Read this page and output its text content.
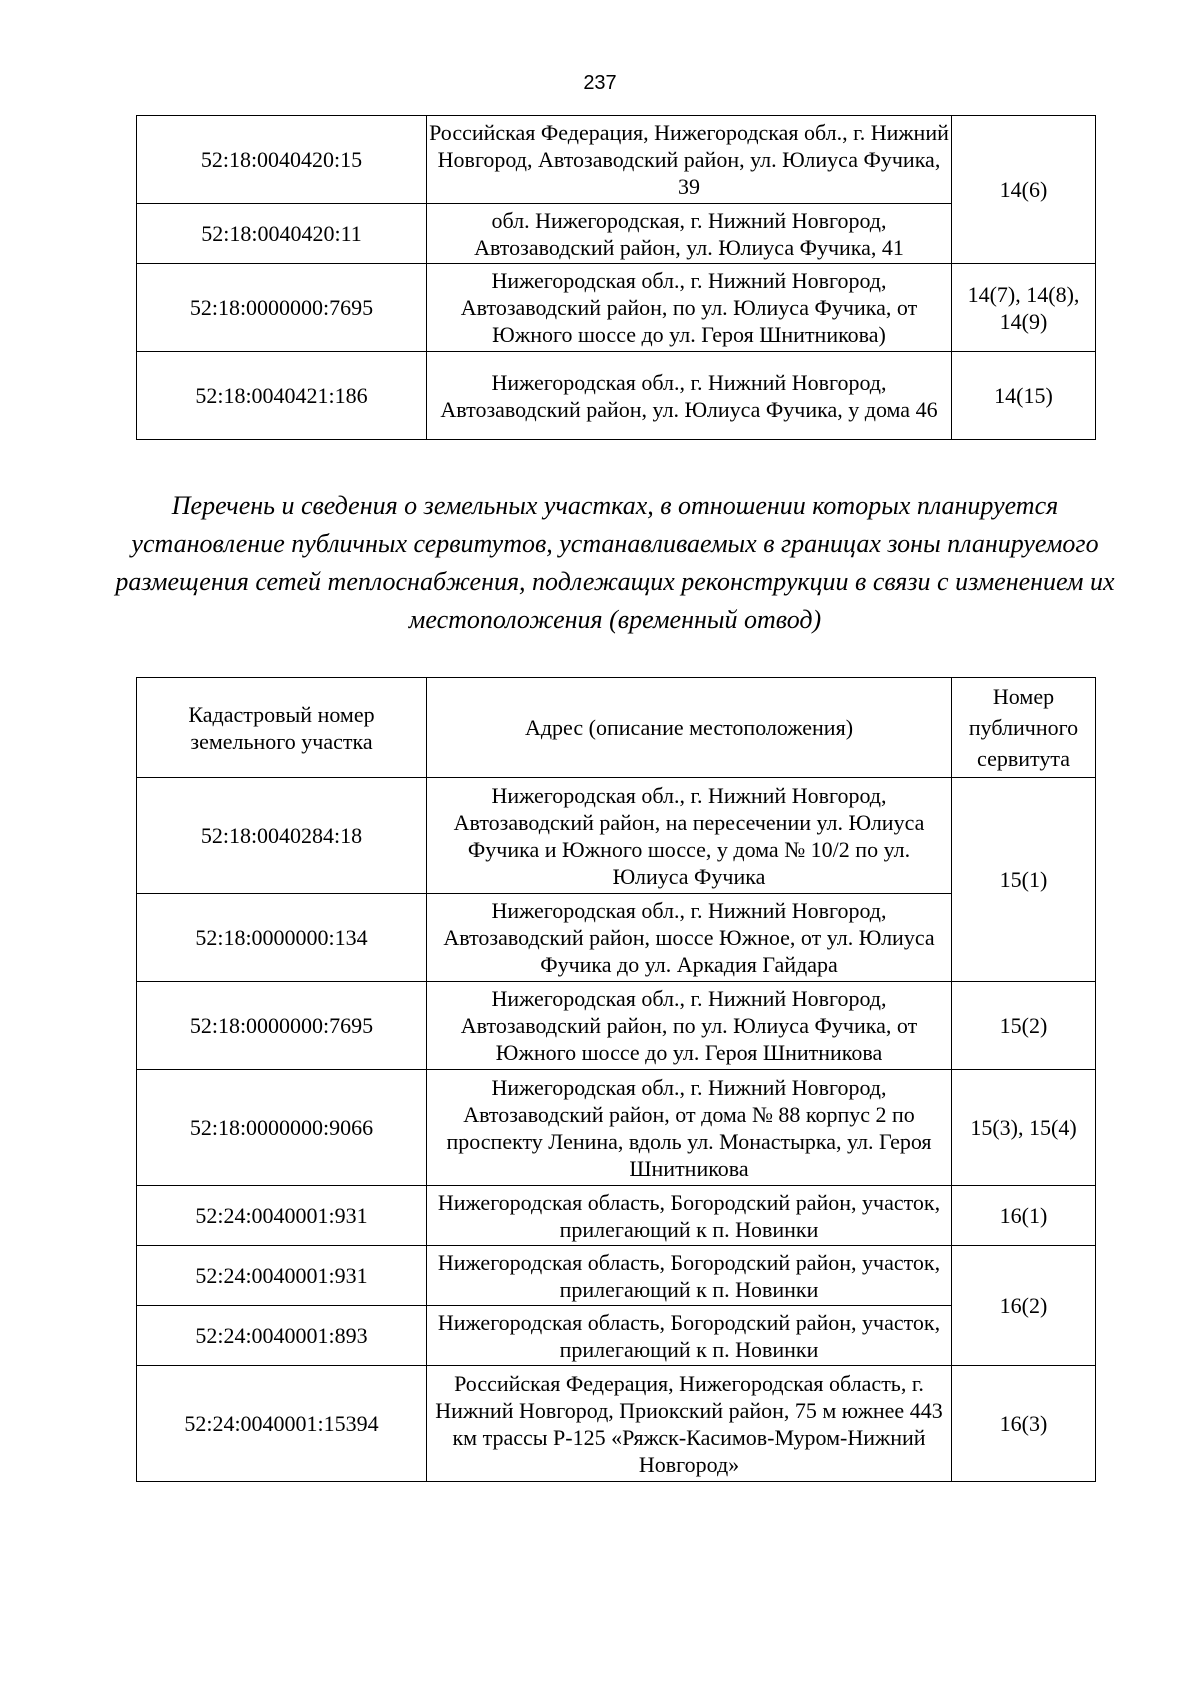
237
52:18:0040420:15	Российская Федерация, Нижегородская обл., г. Нижний Новгород, Автозаводский район, ул. Юлиуса Фучика, 39	14(6)
52:18:0040420:11	обл. Нижегородская, г. Нижний Новгород, Автозаводский район, ул. Юлиуса Фучика, 41	
52:18:0000000:7695	Нижегородская обл., г. Нижний Новгород, Автозаводский район, по ул. Юлиуса Фучика, от Южного шоссе до ул. Героя Шнитникова)	14(7), 14(8), 14(9)
52:18:0040421:186	Нижегородская обл., г. Нижний Новгород, Автозаводский район, ул. Юлиуса Фучика, у дома 46	14(15)
Перечень и сведения о земельных участках, в отношении которых планируется установление публичных сервитутов, устанавливаемых в границах зоны планируемого размещения сетей теплоснабжения, подлежащих реконструкции в связи с изменением их местоположения (временный отвод)
Кадастровый номер земельного участка	Адрес (описание местоположения)	Номер публичного сервитута
52:18:0040284:18	Нижегородская обл., г. Нижний Новгород, Автозаводский район, на пересечении ул. Юлиуса Фучика и Южного шоссе, у дома № 10/2 по ул. Юлиуса Фучика	15(1)
52:18:0000000:134	Нижегородская обл., г. Нижний Новгород, Автозаводский район, шоссе Южное, от ул. Юлиуса Фучика до ул. Аркадия Гайдара	
52:18:0000000:7695	Нижегородская обл., г. Нижний Новгород, Автозаводский район, по ул. Юлиуса Фучика, от Южного шоссе до ул. Героя Шнитникова	15(2)
52:18:0000000:9066	Нижегородская обл., г. Нижний Новгород, Автозаводский район, от дома № 88 корпус 2 по проспекту Ленина, вдоль ул. Монастырка, ул. Героя Шнитникова	15(3), 15(4)
52:24:0040001:931	Нижегородская область, Богородский район, участок, прилегающий к п. Новинки	16(1)
52:24:0040001:931	Нижегородская область, Богородский район, участок, прилегающий к п. Новинки	16(2)
52:24:0040001:893	Нижегородская область, Богородский район, участок, прилегающий к п. Новинки	
52:24:0040001:15394	Российская Федерация, Нижегородская область, г. Нижний Новгород, Приокский район, 75 м южнее 443 км трассы Р-125 «Ряжск-Касимов-Муром-Нижний Новгород»	16(3)
